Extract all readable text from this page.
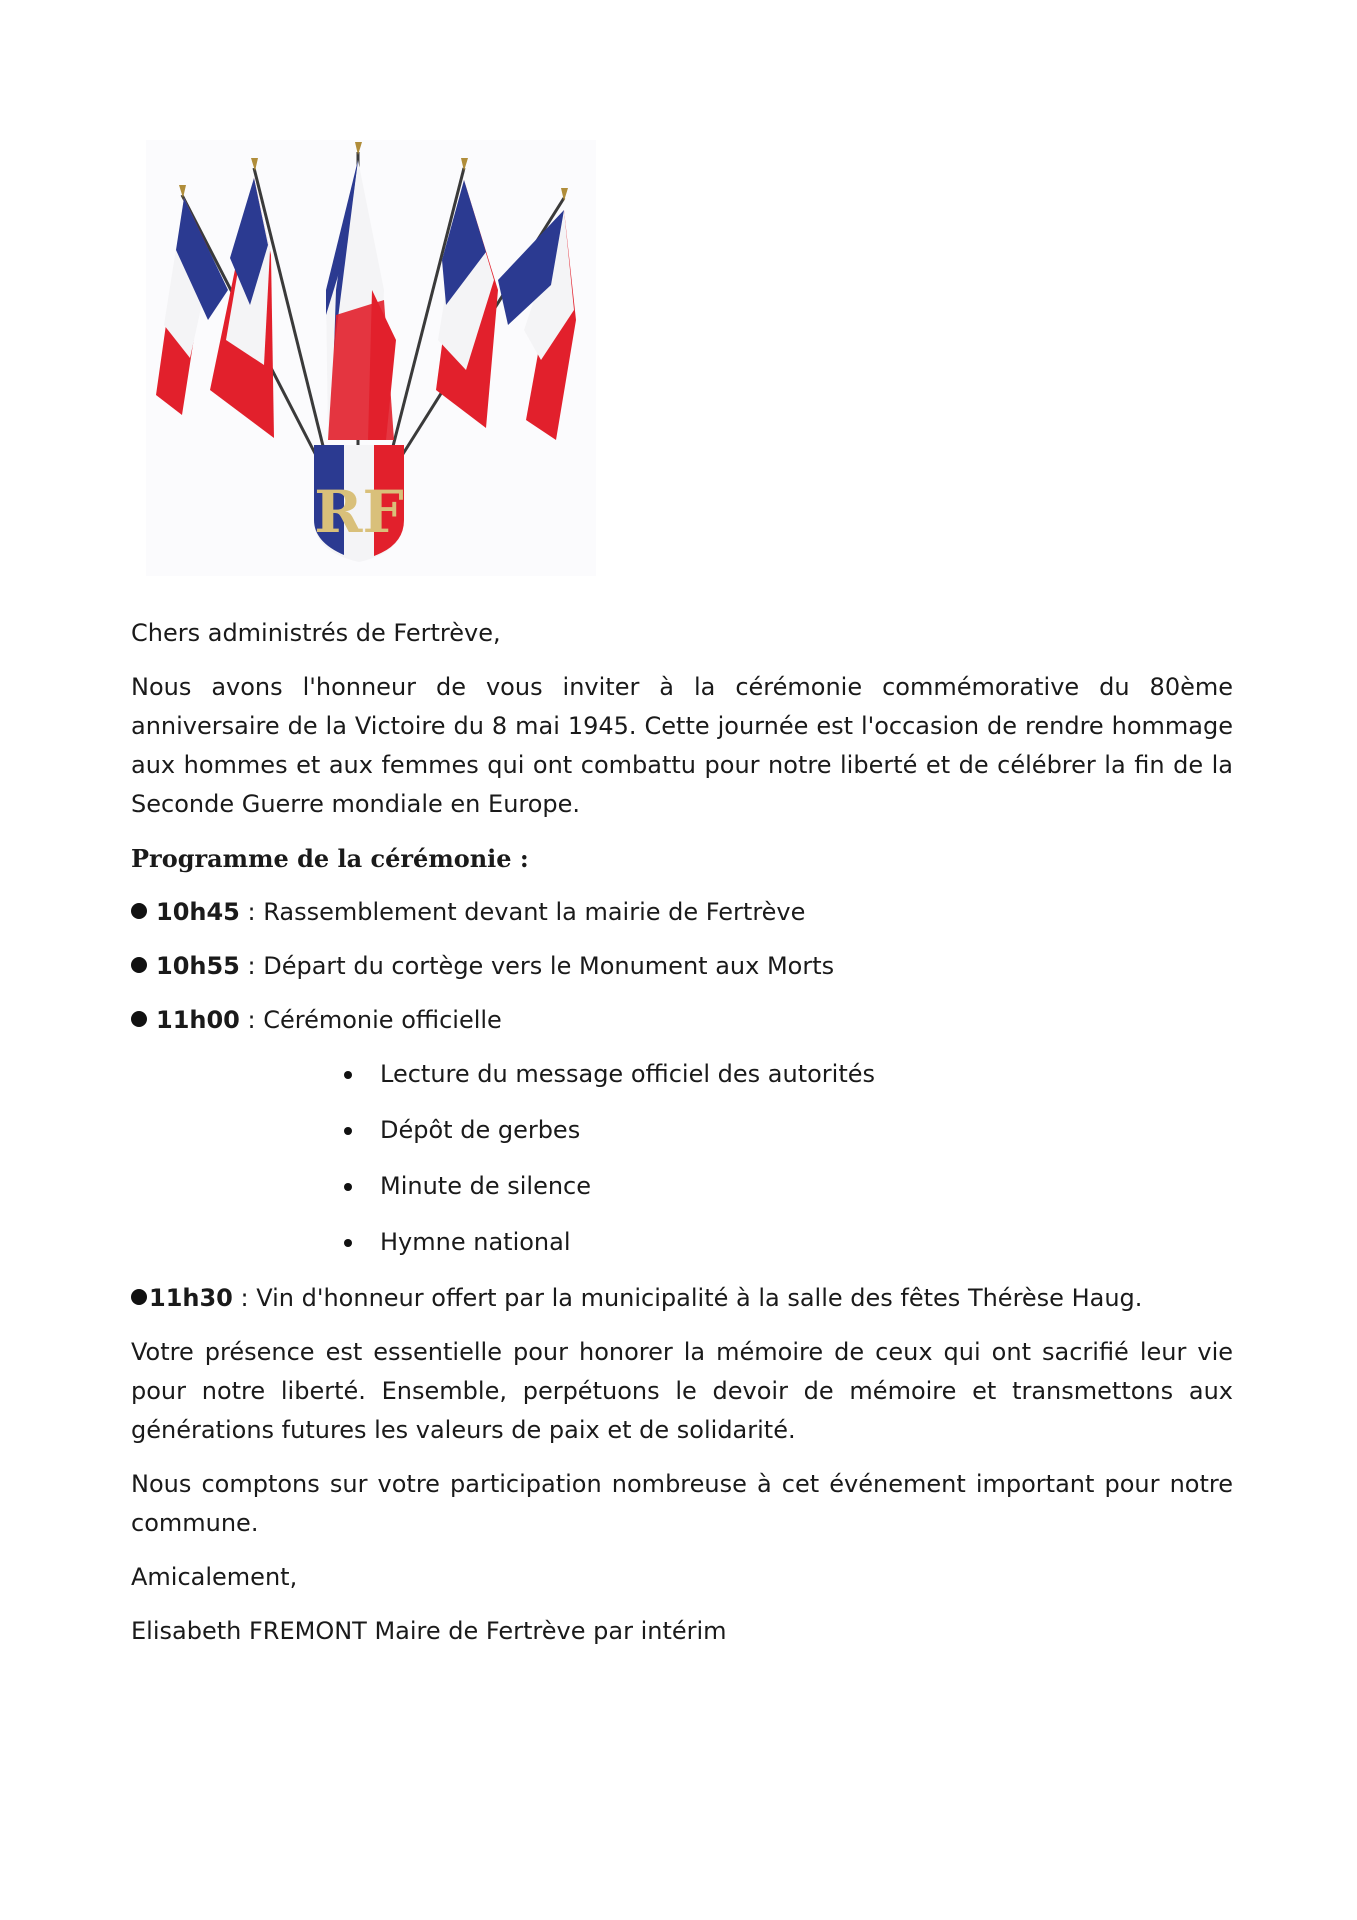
RF

Chers administrés de Fertrève,

Nous avons l'honneur de vous inviter à la cérémonie commémorative du 80ème anniversaire de la Victoire du 8 mai 1945. Cette journée est l'occasion de rendre hommage aux hommes et aux femmes qui ont combattu pour notre liberté et de célébrer la fin de la Seconde Guerre mondiale en Europe.

Programme de la cérémonie :

10h45 : Rassemblement devant la mairie de Fertrève

10h55 : Départ du cortège vers le Monument aux Morts

11h00 : Cérémonie officielle

Lecture du message officiel des autorités
Dépôt de gerbes
Minute de silence
Hymne national

11h30 : Vin d'honneur offert par la municipalité à la salle des fêtes Thérèse Haug.

Votre présence est essentielle pour honorer la mémoire de ceux qui ont sacrifié leur vie pour notre liberté. Ensemble, perpétuons le devoir de mémoire et transmettons aux générations futures les valeurs de paix et de solidarité.

Nous comptons sur votre participation nombreuse à cet événement important pour notre commune.

Amicalement,

Elisabeth FREMONT Maire de Fertrève par intérim
